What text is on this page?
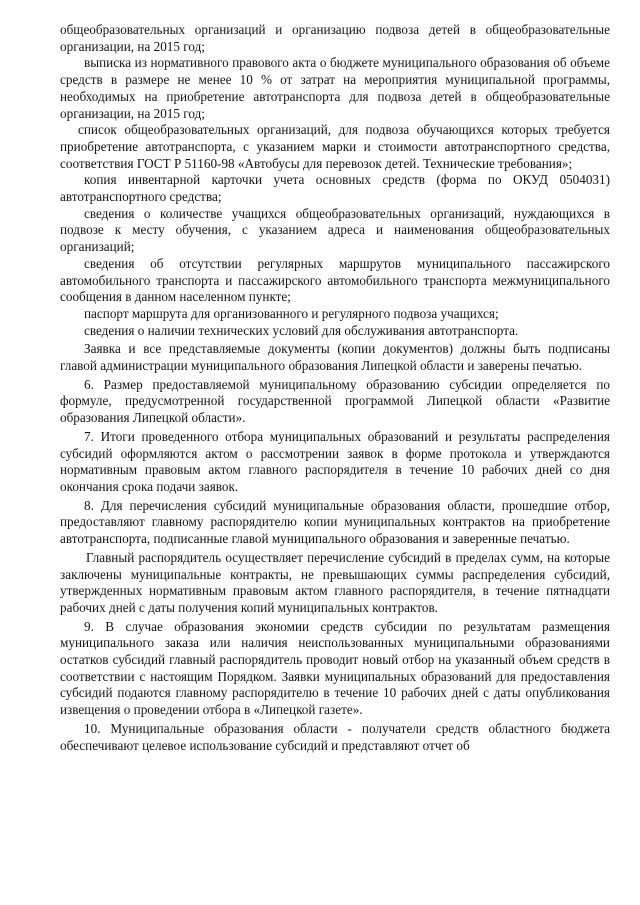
общеобразовательных организаций и организацию подвоза детей в общеобразовательные организации, на 2015 год;

выписка из нормативного правового акта о бюджете муниципального образования об объеме средств в размере не менее 10 % от затрат на мероприятия муниципальной программы, необходимых на приобретение автотранспорта для подвоза детей в общеобразовательные организации, на 2015 год;

список общеобразовательных организаций, для подвоза обучающихся которых требуется приобретение автотранспорта, с указанием марки и стоимости автотранспортного средства, соответствия ГОСТ Р 51160-98 «Автобусы для перевозок детей. Технические требования»;

копия инвентарной карточки учета основных средств (форма по ОКУД 0504031) автотранспортного средства;

сведения о количестве учащихся общеобразовательных организаций, нуждающихся в подвозе к месту обучения, с указанием адреса и наименования общеобразовательных организаций;

сведения об отсутствии регулярных маршрутов муниципального пассажирского автомобильного транспорта и пассажирского автомобильного транспорта межмуниципального сообщения в данном населенном пункте;

паспорт маршрута для организованного и регулярного подвоза учащихся;

сведения о наличии технических условий для обслуживания автотранспорта.

Заявка и все представляемые документы (копии документов) должны быть подписаны главой администрации муниципального образования Липецкой области и заверены печатью.

6. Размер предоставляемой муниципальному образованию субсидии определяется по формуле, предусмотренной государственной программой Липецкой области «Развитие образования Липецкой области».

7. Итоги проведенного отбора муниципальных образований и результаты распределения субсидий оформляются актом о рассмотрении заявок в форме протокола и утверждаются нормативным правовым актом главного распорядителя в течение 10 рабочих дней со дня окончания срока подачи заявок.

8. Для перечисления субсидий муниципальные образования области, прошедшие отбор, предоставляют главному распорядителю копии муниципальных контрактов на приобретение автотранспорта, подписанные главой муниципального образования и заверенные печатью.

Главный распорядитель осуществляет перечисление субсидий в пределах сумм, на которые заключены муниципальные контракты, не превышающих суммы распределения субсидий, утвержденных нормативным правовым актом главного распорядителя, в течение пятнадцати рабочих дней с даты получения копий муниципальных контрактов.

9. В случае образования экономии средств субсидии по результатам размещения муниципального заказа или наличия неиспользованных муниципальными образованиями остатков субсидий главный распорядитель проводит новый отбор на указанный объем средств в соответствии с настоящим Порядком. Заявки муниципальных образований для предоставления субсидий подаются главному распорядителю в течение 10 рабочих дней с даты опубликования извещения о проведении отбора в «Липецкой газете».

10. Муниципальные образования области - получатели средств областного бюджета обеспечивают целевое использование субсидий и представляют отчет об
